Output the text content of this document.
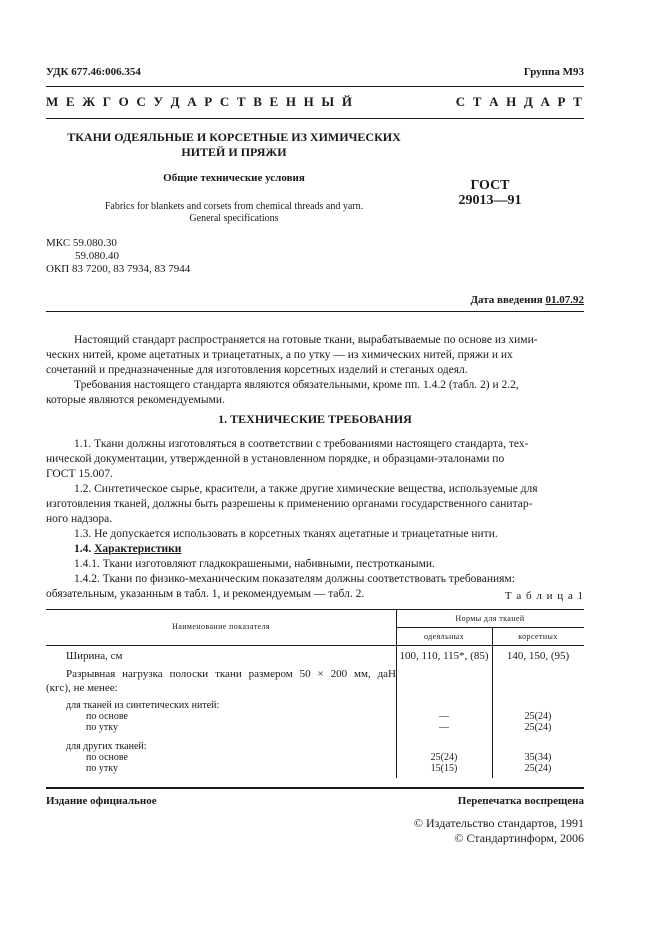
УДК 677.46:006.354	Группа М93
М Е Ж Г О С У Д А Р С Т В Е Н Н Ы Й	С Т А Н Д А Р Т
ТКАНИ ОДЕЯЛЬНЫЕ И КОРСЕТНЫЕ ИЗ ХИМИЧЕСКИХ
НИТЕЙ И ПРЯЖИ
Общие технические условия
Fabrics for blankets and corsets from chemical threads and yarn.
General specifications
ГОСТ
29013—91
МКС 59.080.30
59.080.40
ОКП 83 7200, 83 7934, 83 7944
Дата введения 01.07.92
Настоящий стандарт распространяется на готовые ткани, вырабатываемые по основе из хими-
ческих нитей, кроме ацетатных и триацетатных, а по утку — из химических нитей, пряжи и их
сочетаний и предназначенные для изготовления корсетных изделий и стеганых одеял.
Требования настоящего стандарта являются обязательными, кроме пп. 1.4.2 (табл. 2) и 2.2,
которые являются рекомендуемыми.
1. ТЕХНИЧЕСКИЕ ТРЕБОВАНИЯ
1.1. Ткани должны изготовляться в соответствии с требованиями настоящего стандарта, тех-
нической документации, утвержденной в установленном порядке, и образцами-эталонами по
ГОСТ 15.007.
1.2. Синтетическое сырье, красители, а также другие химические вещества, используемые для
изготовления тканей, должны быть разрешены к применению органами государственного санитар-
ного надзора.
1.3. Не допускается использовать в корсетных тканях ацетатные и триацетатные нити.
1.4. Характеристики
1.4.1. Ткани изготовляют гладкокрашеными, набивными, пестроткаными.
1.4.2. Ткани по физико-механическим показателям должны соответствовать требованиям:
обязательным, указанным в табл. 1, и рекомендуемым — табл. 2.	Т а б л и ц а 1
Наименование показателя
Нормы для тканей
одеяльных	корсетных
Ширина, см	100, 110, 115*, (85)	140, 150, (95)
Разрывная нагрузка полоски ткани размером 50 × 200 мм, даН
(кгс), не менее:
для тканей из синтетических нитей:
по основе	—	25(24)
по утку	—	25(24)
для других тканей:
по основе	25(24)	35(34)
по утку	15(15)	25(24)
Издание официальное	Перепечатка воспрещена
© Издательство стандартов, 1991
© Стандартинформ, 2006
